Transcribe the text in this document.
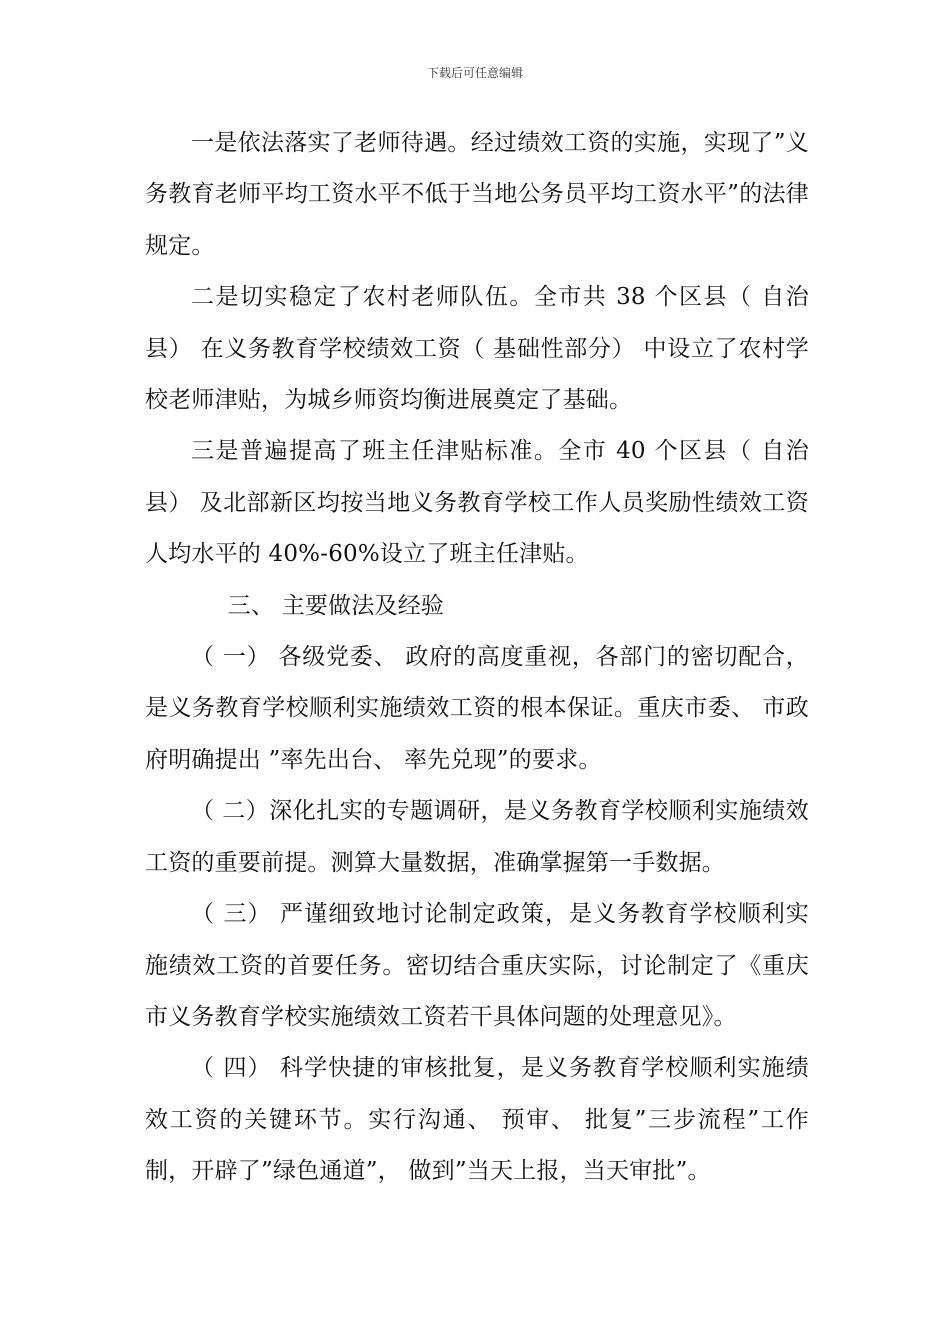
下载后可任意编辑

一是依法落实了老师待遇。经过绩效工资的实施，实现了”义务教育老师平均工资水平不低于当地公务员平均工资水平”的法律规定。

二是切实稳定了农村老师队伍。全市共 38 个区县（ 自治县） 在义务教育学校绩效工资（ 基础性部分） 中设立了农村学校老师津贴，为城乡师资均衡进展奠定了基础。

三是普遍提高了班主任津贴标准。全市 40 个区县（ 自治县） 及北部新区均按当地义务教育学校工作人员奖励性绩效工资人均水平的 40%-60%设立了班主任津贴。

三、 主要做法及经验

（ 一） 各级党委、 政府的高度重视，各部门的密切配合， 是义务教育学校顺利实施绩效工资的根本保证。重庆市委、 市政府明确提出 ”率先出台、 率先兑现”的要求。

（ 二）深化扎实的专题调研，是义务教育学校顺利实施绩效工资的重要前提。测算大量数据，准确掌握第一手数据。

（ 三） 严谨细致地讨论制定政策，是义务教育学校顺利实施绩效工资的首要任务。密切结合重庆实际，讨论制定了《重庆市义务教育学校实施绩效工资若干具体问题的处理意见》。

（ 四） 科学快捷的审核批复，是义务教育学校顺利实施绩效工资的关键环节。实行沟通、 预审、 批复”三步流程”工作制，开辟了”绿色通道”， 做到”当天上报，当天审批”。
